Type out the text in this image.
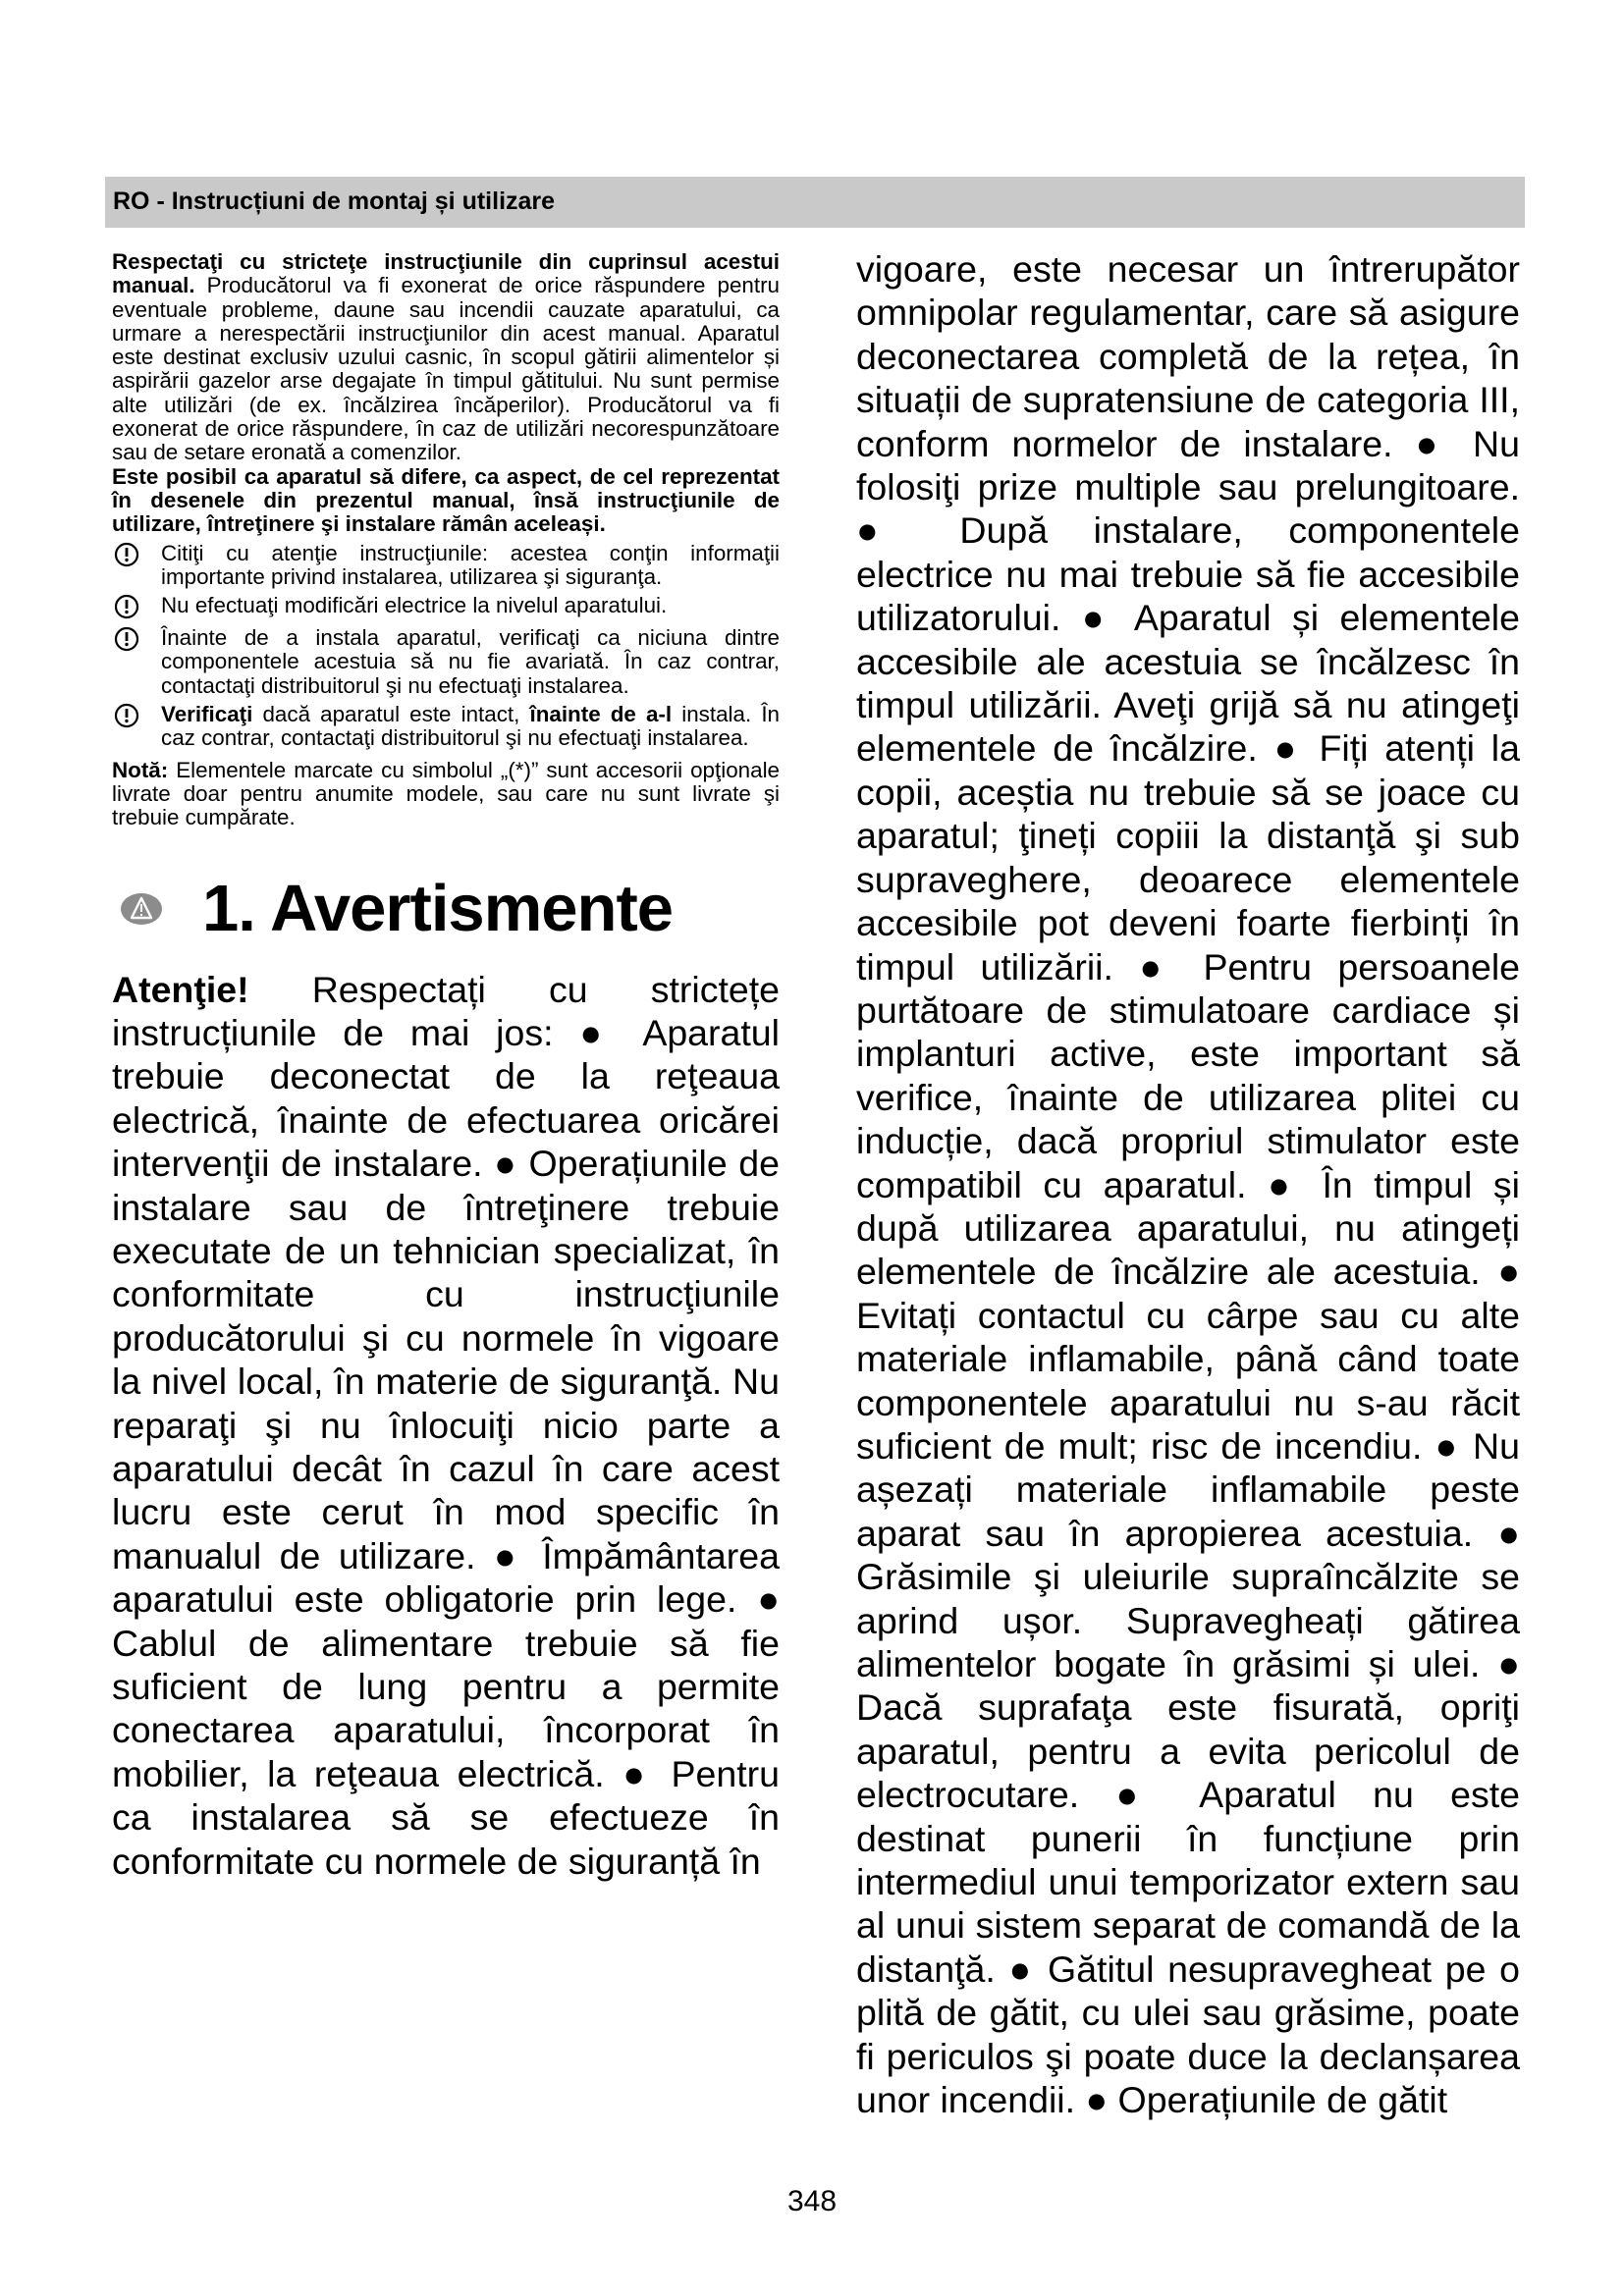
RO - Instrucțiuni de montaj și utilizare

Respectaţi cu stricteţe instrucţiunile din cuprinsul acestui manual. Producătorul va fi exonerat de orice răspundere pentru eventuale probleme, daune sau incendii cauzate aparatului, ca urmare a nerespectării instrucţiunilor din acest manual. Aparatul este destinat exclusiv uzului casnic, în scopul gătirii alimentelor și aspirării gazelor arse degajate în timpul gătitului. Nu sunt permise alte utilizări (de ex. încălzirea încăperilor). Producătorul va fi exonerat de orice răspundere, în caz de utilizări necorespunzătoare sau de setare eronată a comenzilor.

Este posibil ca aparatul să difere, ca aspect, de cel reprezentat în desenele din prezentul manual, însă instrucţiunile de utilizare, întreţinere şi instalare rămân aceleași.

Citiţi cu atenţie instrucţiunile: acestea conţin informaţii importante privind instalarea, utilizarea şi siguranţa.

Nu efectuaţi modificări electrice la nivelul aparatului.

Înainte de a instala aparatul, verificaţi ca niciuna dintre componentele acestuia să nu fie avariată. În caz contrar, contactaţi distribuitorul şi nu efectuaţi instalarea.

Verificaţi dacă aparatul este intact, înainte de a-l instala. În caz contrar, contactaţi distribuitorul şi nu efectuaţi instalarea.

Notă: Elementele marcate cu simbolul „(*)” sunt accesorii opţionale livrate doar pentru anumite modele, sau care nu sunt livrate şi trebuie cumpărate.

1. Avertismente

Atenţie! Respectați cu strictețe instrucțiunile de mai jos: ● Aparatul trebuie deconectat de la reţeaua electrică, înainte de efectuarea oricărei intervenţii de instalare. ● Operațiunile de instalare sau de întreţinere trebuie executate de un tehnician specializat, în conformitate cu instrucţiunile producătorului şi cu normele în vigoare la nivel local, în materie de siguranţă. Nu reparaţi şi nu înlocuiţi nicio parte a aparatului decât în cazul în care acest lucru este cerut în mod specific în manualul de utilizare. ● Împământarea aparatului este obligatorie prin lege. ● Cablul de alimentare trebuie să fie suficient de lung pentru a permite conectarea aparatului, încorporat în mobilier, la reţeaua electrică. ● Pentru ca instalarea să se efectueze în conformitate cu normele de siguranță în

vigoare, este necesar un întrerupător omnipolar regulamentar, care să asigure deconectarea completă de la rețea, în situații de supratensiune de categoria III, conform normelor de instalare. ● Nu folosiţi prize multiple sau prelungitoare. ● După instalare, componentele electrice nu mai trebuie să fie accesibile utilizatorului. ● Aparatul și elementele accesibile ale acestuia se încălzesc în timpul utilizării. Aveţi grijă să nu atingeţi elementele de încălzire. ● Fiți atenți la copii, aceștia nu trebuie să se joace cu aparatul; ţineți copiii la distanţă şi sub supraveghere, deoarece elementele accesibile pot deveni foarte fierbinți în timpul utilizării. ● Pentru persoanele purtătoare de stimulatoare cardiace și implanturi active, este important să verifice, înainte de utilizarea plitei cu inducție, dacă propriul stimulator este compatibil cu aparatul. ● În timpul și după utilizarea aparatului, nu atingeți elementele de încălzire ale acestuia. ● Evitați contactul cu cârpe sau cu alte materiale inflamabile, până când toate componentele aparatului nu s-au răcit suficient de mult; risc de incendiu. ● Nu așezați materiale inflamabile peste aparat sau în apropierea acestuia. ● Grăsimile şi uleiurile supraîncălzite se aprind ușor. Supravegheați gătirea alimentelor bogate în grăsimi și ulei. ● Dacă suprafaţa este fisurată, opriţi aparatul, pentru a evita pericolul de electrocutare. ● Aparatul nu este destinat punerii în funcțiune prin intermediul unui temporizator extern sau al unui sistem separat de comandă de la distanţă. ● Gătitul nesupravegheat pe o plită de gătit, cu ulei sau grăsime, poate fi periculos şi poate duce la declanșarea unor incendii. ● Operațiunile de gătit

348
